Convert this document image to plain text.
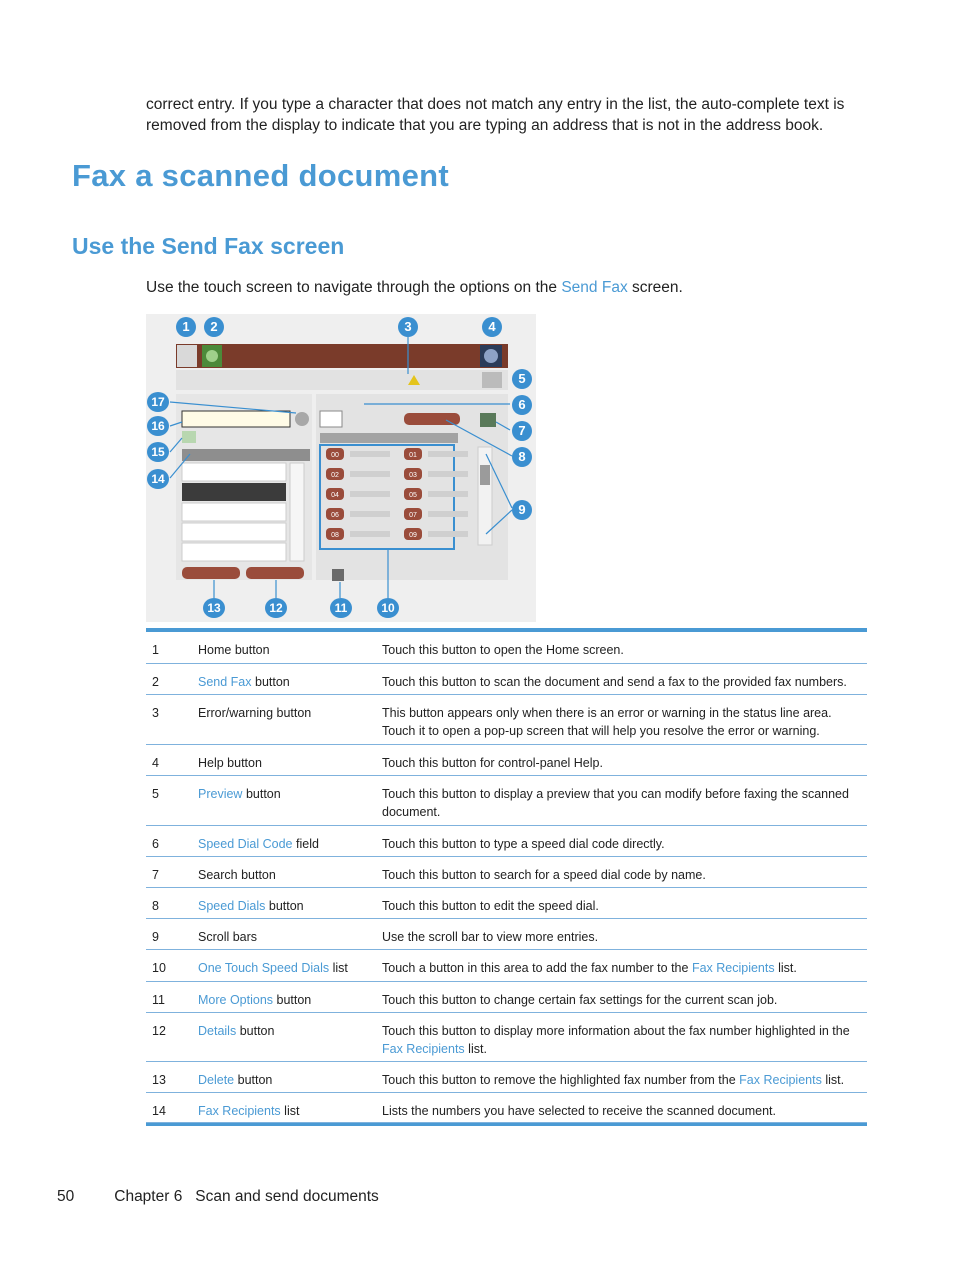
correct entry. If you type a character that does not match any entry in the list, the auto-complete text is removed from the display to indicate that you are typing an address that is not in the address book.

Fax a scanned document
Use the Send Fax screen

Use the touch screen to navigate through the options on the Send Fax screen.

00	01
02	03
04	05
06	07
08	09
1	2	3	4
5
6
7
8
9
10
11
12
13
14
15
16
17
1	Home button	Touch this button to open the Home screen.
2	Send Fax button	Touch this button to scan the document and send a fax to the provided fax numbers.
3	Error/warning button	This button appears only when there is an error or warning in the status line area. Touch it to open a pop-up screen that will help you resolve the error or warning.
4	Help button	Touch this button for control-panel Help.
5	Preview button	Touch this button to display a preview that you can modify before faxing the scanned document.
6	Speed Dial Code field	Touch this button to type a speed dial code directly.
7	Search button	Touch this button to search for a speed dial code by name.
8	Speed Dials button	Touch this button to edit the speed dial.
9	Scroll bars	Use the scroll bar to view more entries.
10	One Touch Speed Dials list	Touch a button in this area to add the fax number to the Fax Recipients list.
11	More Options button	Touch this button to change certain fax settings for the current scan job.
12	Details button	Touch this button to display more information about the fax number highlighted in the Fax Recipients list.
13	Delete button	Touch this button to remove the highlighted fax number from the Fax Recipients list.
14	Fax Recipients list	Lists the numbers you have selected to receive the scanned document.
50	Chapter 6   Scan and send documents
